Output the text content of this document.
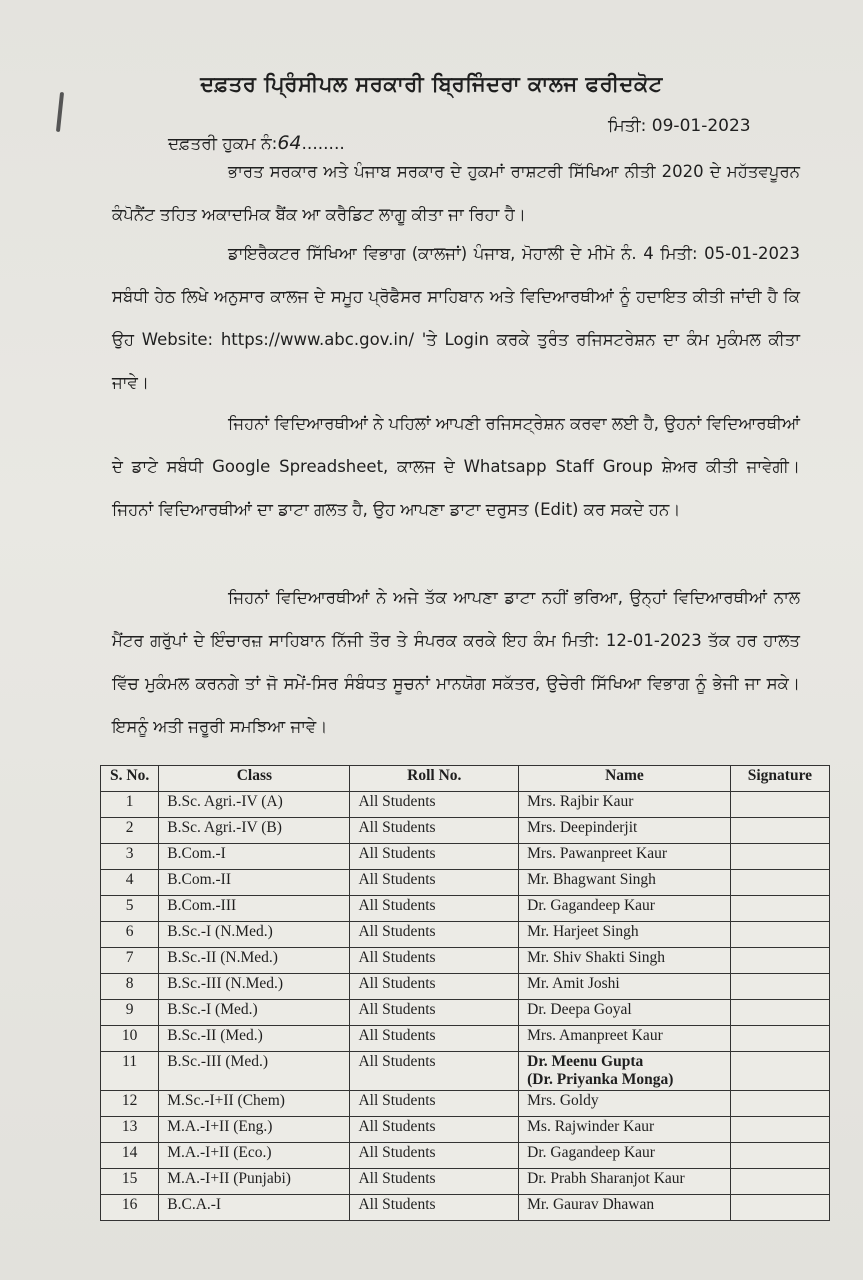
ਦਫ਼ਤਰ ਪ੍ਰਿੰਸੀਪਲ ਸਰਕਾਰੀ ਬ੍ਰਿਜਿੰਦਰਾ ਕਾਲਜ ਫਰੀਦਕੋਟ
ਦਫ਼ਤਰੀ ਹੁਕਮ ਨੰ:64........
ਮਿਤੀ: 09-01-2023
ਭਾਰਤ ਸਰਕਾਰ ਅਤੇ ਪੰਜਾਬ ਸਰਕਾਰ ਦੇ ਹੁਕਮਾਂ ਰਾਸ਼ਟਰੀ ਸਿੱਖਿਆ ਨੀਤੀ 2020 ਦੇ ਮਹੱਤਵਪੂਰਨ ਕੰਪੋਨੈਂਟ ਤਹਿਤ ਅਕਾਦਮਿਕ ਬੈਂਕ ਆ ਕਰੈਡਿਟ ਲਾਗੂ ਕੀਤਾ ਜਾ ਰਿਹਾ ਹੈ।
ਡਾਇਰੈਕਟਰ ਸਿੱਖਿਆ ਵਿਭਾਗ (ਕਾਲਜਾਂ) ਪੰਜਾਬ, ਮੋਹਾਲੀ ਦੇ ਮੀਮੋ ਨੰ. 4 ਮਿਤੀ: 05-01-2023 ਸਬੰਧੀ ਹੇਠ ਲਿਖੇ ਅਨੁਸਾਰ ਕਾਲਜ ਦੇ ਸਮੂਹ ਪ੍ਰੋਫੈਸਰ ਸਾਹਿਬਾਨ ਅਤੇ ਵਿਦਿਆਰਥੀਆਂ ਨੂੰ ਹਦਾਇਤ ਕੀਤੀ ਜਾਂਦੀ ਹੈ ਕਿ ਉਹ Website: https://www.abc.gov.in/ 'ਤੇ Login ਕਰਕੇ ਤੁਰੰਤ ਰਜਿਸਟਰੇਸ਼ਨ ਦਾ ਕੰਮ ਮੁਕੰਮਲ ਕੀਤਾ ਜਾਵੇ।
ਜਿਹਨਾਂ ਵਿਦਿਆਰਥੀਆਂ ਨੇ ਪਹਿਲਾਂ ਆਪਣੀ ਰਜਿਸਟ੍ਰੇਸ਼ਨ ਕਰਵਾ ਲਈ ਹੈ, ਉਹਨਾਂ ਵਿਦਿਆਰਥੀਆਂ ਦੇ ਡਾਟੇ ਸਬੰਧੀ Google Spreadsheet, ਕਾਲਜ ਦੇ Whatsapp Staff Group ਸ਼ੇਅਰ ਕੀਤੀ ਜਾਵੇਗੀ। ਜਿਹਨਾਂ ਵਿਦਿਆਰਥੀਆਂ ਦਾ ਡਾਟਾ ਗਲਤ ਹੈ, ਉਹ ਆਪਣਾ ਡਾਟਾ ਦਰੁਸਤ (Edit) ਕਰ ਸਕਦੇ ਹਨ।
ਜਿਹਨਾਂ ਵਿਦਿਆਰਥੀਆਂ ਨੇ ਅਜੇ ਤੱਕ ਆਪਣਾ ਡਾਟਾ ਨਹੀਂ ਭਰਿਆ, ਉਨ੍ਹਾਂ ਵਿਦਿਆਰਥੀਆਂ ਨਾਲ ਮੈਂਟਰ ਗਰੁੱਪਾਂ ਦੇ ਇੰਚਾਰਜ਼ ਸਾਹਿਬਾਨ ਨਿੱਜੀ ਤੌਰ ਤੇ ਸੰਪਰਕ ਕਰਕੇ ਇਹ ਕੰਮ ਮਿਤੀ: 12-01-2023 ਤੱਕ ਹਰ ਹਾਲਤ ਵਿੱਚ ਮੁਕੰਮਲ ਕਰਨਗੇ ਤਾਂ ਜੋ ਸਮੇਂ-ਸਿਰ ਸੰਬੰਧਤ ਸੂਚਨਾਂ ਮਾਨਯੋਗ ਸਕੱਤਰ, ਉਚੇਰੀ ਸਿੱਖਿਆ ਵਿਭਾਗ ਨੂੰ ਭੇਜੀ ਜਾ ਸਕੇ। ਇਸਨੂੰ ਅਤੀ ਜਰੂਰੀ ਸਮਝਿਆ ਜਾਵੇ।
S. No.	Class	Roll No.	Name	Signature
1	B.Sc. Agri.-IV (A)	All Students	Mrs. Rajbir Kaur	
2	B.Sc. Agri.-IV (B)	All Students	Mrs. Deepinderjit	
3	B.Com.-I	All Students	Mrs. Pawanpreet Kaur	
4	B.Com.-II	All Students	Mr. Bhagwant Singh	
5	B.Com.-III	All Students	Dr. Gagandeep Kaur	
6	B.Sc.-I (N.Med.)	All Students	Mr. Harjeet Singh	
7	B.Sc.-II (N.Med.)	All Students	Mr. Shiv Shakti Singh	
8	B.Sc.-III (N.Med.)	All Students	Mr. Amit Joshi	
9	B.Sc.-I (Med.)	All Students	Dr. Deepa Goyal	
10	B.Sc.-II (Med.)	All Students	Mrs. Amanpreet Kaur	
11	B.Sc.-III (Med.)	All Students	Dr. Meenu Gupta
(Dr. Priyanka Monga)	

12	M.Sc.-I+II (Chem)	All Students	Mrs. Goldy	
13	M.A.-I+II (Eng.)	All Students	Ms. Rajwinder Kaur	
14	M.A.-I+II (Eco.)	All Students	Dr. Gagandeep Kaur	
15	M.A.-I+II (Punjabi)	All Students	Dr. Prabh Sharanjot Kaur	
16	B.C.A.-I	All Students	Mr. Gaurav Dhawan	
